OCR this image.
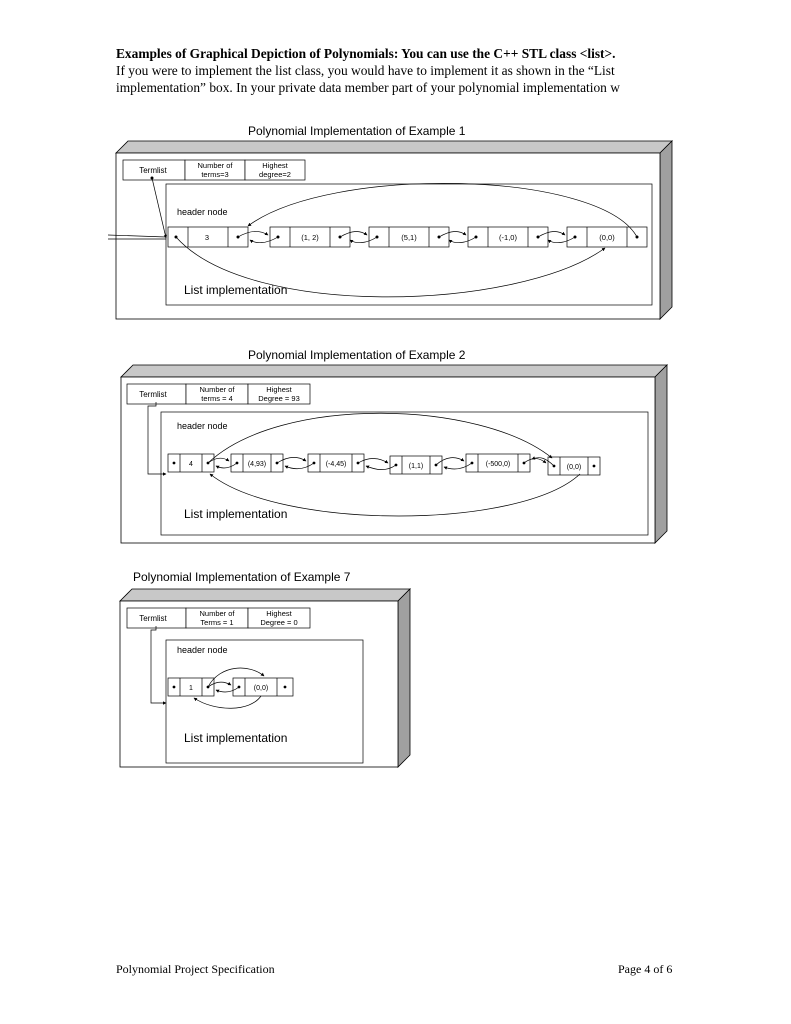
Examples of Graphical Depiction of Polynomials: You can use the C++ STL class <list>.
If you were to implement the list class, you would have to implement it as shown in the “List
implementation” box. In your private data member part of your polynomial implementation w
Polynomial Implementation of Example 1
Polynomial Implementation of Example 2
Polynomial Implementation of Example 7
Termlist
Number of
terms=3
Highest
degree=2
header node
List implementation
3	(1, 2)	(5,1)	(-1,0)	(0,0)
Termlist
Number of
terms = 4
Highest
Degree = 93
header node
List implementation
4	(4,93)	(-4,45)	(1,1)	(-500,0)	(0,0)
Termlist
Number of
Terms = 1
Highest
Degree = 0
header node
List implementation
1	(0,0)
Polynomial Project Specification	Page 4 of 6
